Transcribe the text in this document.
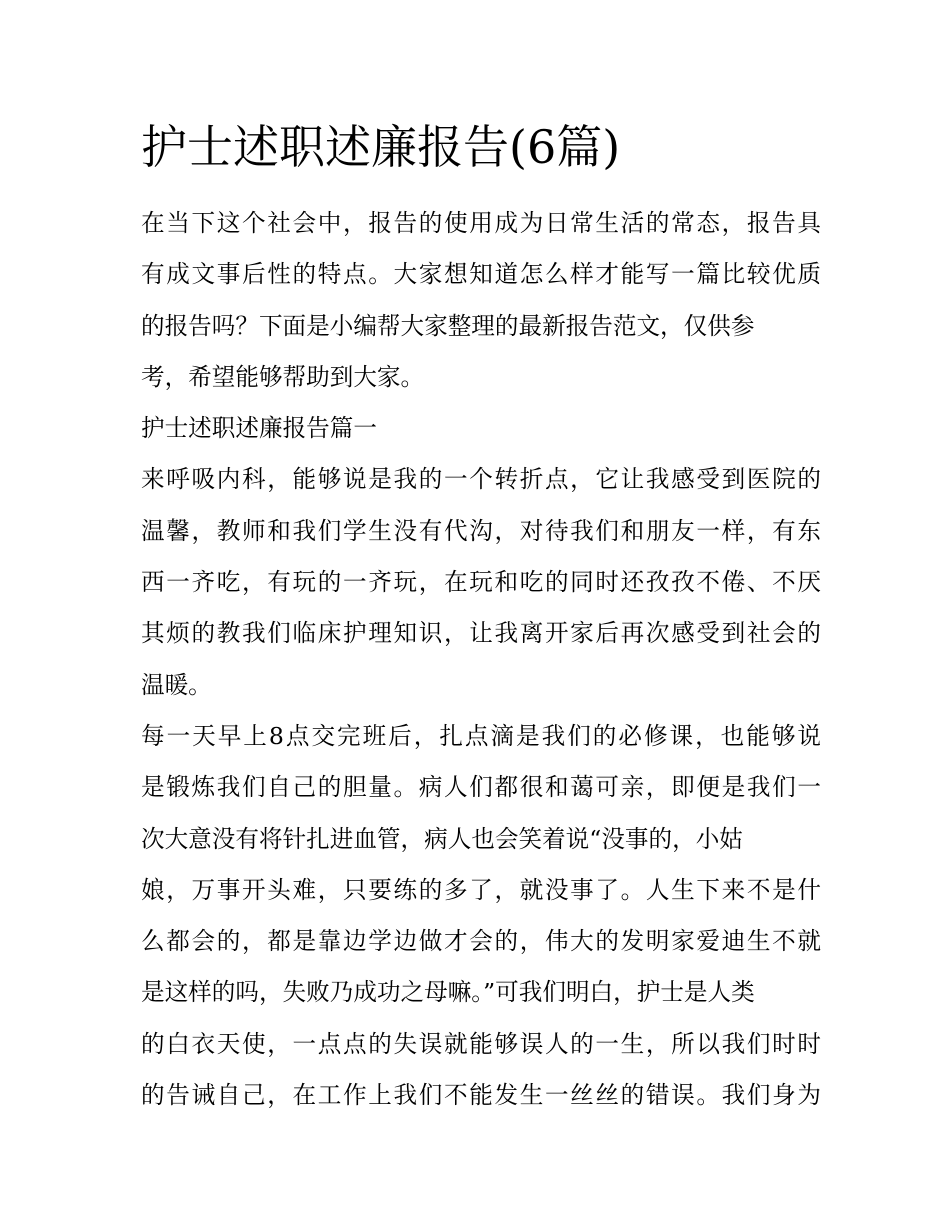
护士述职述廉报告(6篇)
在当下这个社会中，报告的使用成为日常生活的常态，报告具
有成文事后性的特点。大家想知道怎么样才能写一篇比较优质
的报告吗？下面是小编帮大家整理的最新报告范文，仅供参
考，希望能够帮助到大家。
护士述职述廉报告篇一
来呼吸内科，能够说是我的一个转折点，它让我感受到医院的
温馨，教师和我们学生没有代沟，对待我们和朋友一样，有东
西一齐吃，有玩的一齐玩，在玩和吃的同时还孜孜不倦、不厌
其烦的教我们临床护理知识，让我离开家后再次感受到社会的
温暖。
每一天早上8点交完班后，扎点滴是我们的必修课，也能够说
是锻炼我们自己的胆量。病人们都很和蔼可亲，即便是我们一
次大意没有将针扎进血管，病人也会笑着说“没事的，小姑
娘，万事开头难，只要练的多了，就没事了。人生下来不是什
么都会的，都是靠边学边做才会的，伟大的发明家爱迪生不就
是这样的吗，失败乃成功之母嘛。”可我们明白，护士是人类
的白衣天使，一点点的失误就能够误人的一生，所以我们时时
的告诫自己，在工作上我们不能发生一丝丝的错误。我们身为
